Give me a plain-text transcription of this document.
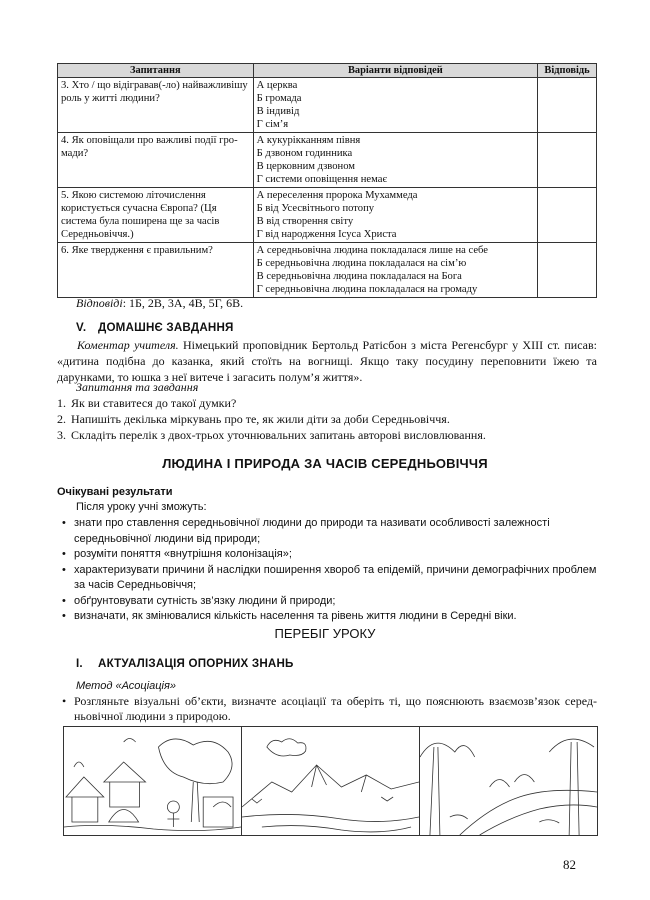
Запитання	Варіанти відповідей	Відповідь
3. Хто / що відігравав(-ло) найважливішу роль у житті людини?	А церква
Б громада
В індивід
Г сім’я	

4. Як оповіщали про важливі події гро-мади?	А кукурікканням півня
Б дзвоном годинника
В церковним дзвоном
Г системи оповіщення немає	

5. Якою системою літочислення користується сучасна Європа? (Ця система була поширена ще за часів Середньовіччя.)	А переселення пророка Мухаммеда
Б від Усесвітнього потопу
В від створення світу
Г від народження Ісуса Христа	

6. Яке твердження є правильним?	А середньовічна людина покладалася лише на себе
Б середньовічна людина покладалася на сім’ю
В середньовічна людина покладалася на Бога
Г середньовічна людина покладалася на громаду	

Відповіді: 1Б, 2В, 3А, 4В, 5Г, 6В.
V. ДОМАШНЄ ЗАВДАННЯ
Коментар учителя. Німецький проповідник Бертольд Ратісбон з міста Регенсбург у XIII ст. писав: «дитина подібна до казанка, який стоїть на вогнищі. Якщо таку посудину переповнити їжею та дарунками, то юшка з неї витече і загасить полум’я життя».
Запитання та завдання
1. Як ви ставитеся до такої думки?
2. Напишіть декілька міркувань про те, як жили діти за доби Середньовіччя.
3. Складіть перелік з двох-трьох уточнювальних запитань авторові висловлювання.
ЛЮДИНА І ПРИРОДА ЗА ЧАСІВ СЕРЕДНЬОВІЧЧЯ
Очікувані результати
Після уроку учні зможуть:
• знати про ставлення середньовічної людини до природи та називати особливості залежності середньовічної людини від природи;
• розуміти поняття «внутрішня колонізація»;
• характеризувати причини й наслідки поширення хвороб та епідемій, причини демографічних проблем за часів Середньовіччя;
• обґрунтовувати сутність зв’язку людини й природи;
• визначати, як змінювалися кількість населення та рівень життя людини в Середні віки.
ПЕРЕБІГ УРОКУ
I. АКТУАЛІЗАЦІЯ ОПОРНИХ ЗНАНЬ
Метод «Асоціація»
• Розгляньте візуальні об’єкти, визначте асоціації та оберіть ті, що пояснюють взаємозв’язок серед-ньовічної людини з природою.
82
